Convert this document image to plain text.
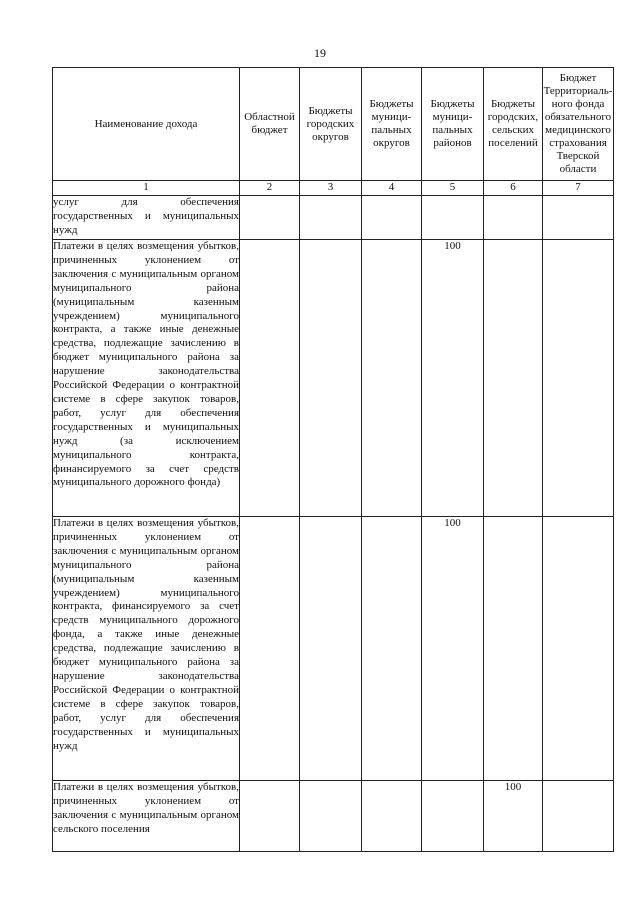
19
Наименование дохода	Областной бюджет	Бюджеты городских округов	Бюджеты муници-пальных округов	Бюджеты муници-пальных районов	Бюджеты городских, сельских поселений	Бюджет Территориаль-ного фонда обязательного медицинского страхования Тверской области
1	2	3	4	5	6	7
услуг для обеспечения государственных и муниципальных нужд						
Платежи в целях возмещения убытков, причиненных уклонением от заключения с муниципальным органом муниципального района (муниципальным казенным учреждением) муниципального контракта, а также иные денежные средства, подлежащие зачислению в бюджет муниципального района за нарушение законодательства Российской Федерации о контрактной системе в сфере закупок товаров, работ, услуг для обеспечения государственных и муниципальных нужд (за исключением муниципального контракта, финансируемого за счет средств муниципального дорожного фонда)				100		
Платежи в целях возмещения убытков, причиненных уклонением от заключения с муниципальным органом муниципального района (муниципальным казенным учреждением) муниципального контракта, финансируемого за счет средств муниципального дорожного фонда, а также иные денежные средства, подлежащие зачислению в бюджет муниципального района за нарушение законодательства Российской Федерации о контрактной системе в сфере закупок товаров, работ, услуг для обеспечения государственных и муниципальных нужд				100		
Платежи в целях возмещения убытков, причиненных уклонением от заключения с муниципальным органом сельского поселения					100	
